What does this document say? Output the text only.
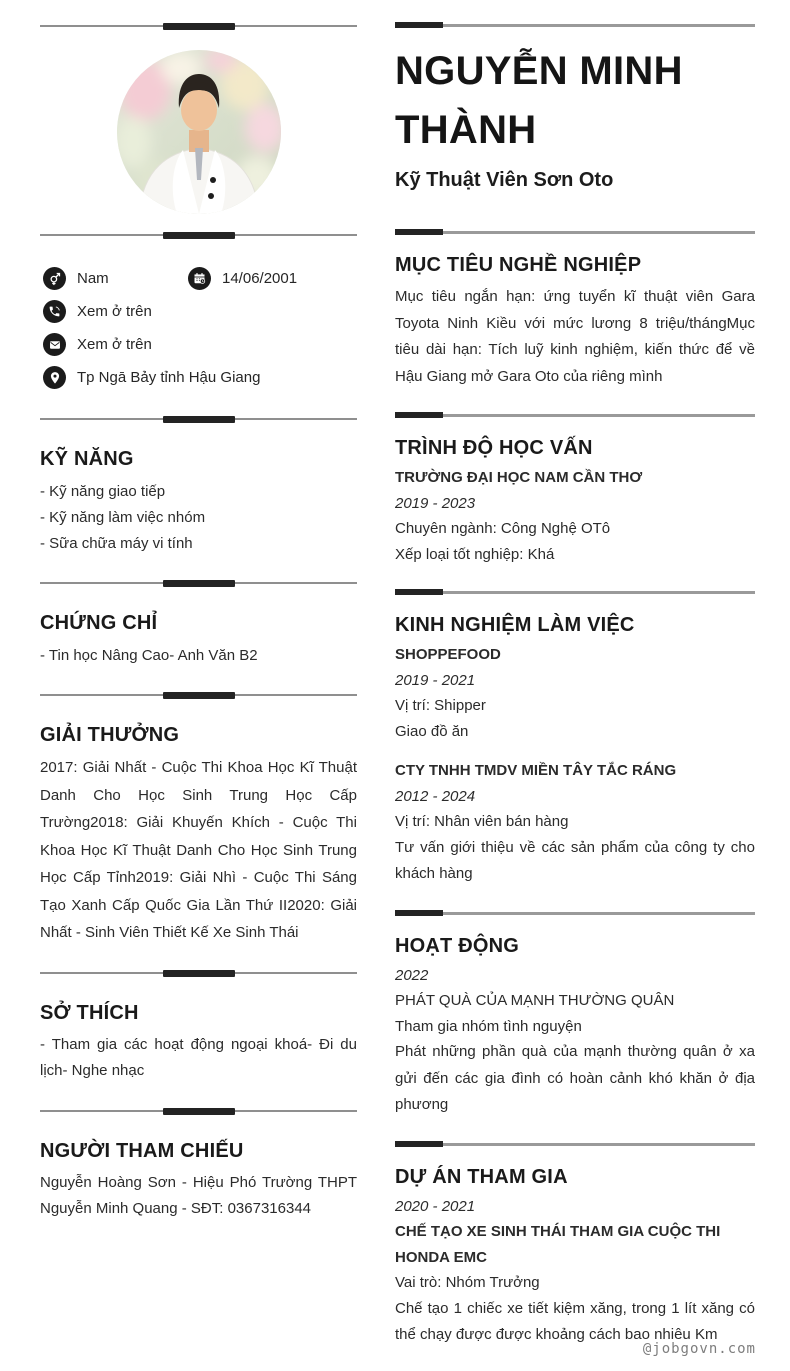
Nam	14/06/2001
Xem ở trên
Xem ở trên
Tp Ngā Bảy tỉnh Hậu Giang
KỸ NĂNG
- Kỹ năng giao tiếp
- Kỹ năng làm việc nhóm
- Sữa chữa máy vi tính
CHỨNG CHỈ
- Tin học Nâng Cao- Anh Văn B2
GIẢI THƯỞNG
2017: Giải Nhất - Cuộc Thi Khoa Học Kĩ Thuật Danh Cho Học Sinh Trung Học Cấp Trường2018: Giải Khuyến Khích - Cuộc Thi Khoa Học Kĩ Thuật Danh Cho Học Sinh Trung Học Cấp Tỉnh2019: Giải Nhì - Cuộc Thi Sáng Tạo Xanh Cấp Quốc Gia Lần Thứ II2020: Giải Nhất - Sinh Viên Thiết Kế Xe Sinh Thái
SỞ THÍCH
- Tham gia các hoạt động ngoại khoá- Đi du lịch- Nghe nhạc
NGƯỜI THAM CHIẾU
Nguyễn Hoàng Sơn - Hiệu Phó Trường THPT Nguyễn Minh Quang - SĐT: 0367316344
NGUYỄN MINH THÀNH
Kỹ Thuật Viên Sơn Oto
MỤC TIÊU NGHỀ NGHIỆP
Mục tiêu ngắn hạn: ứng tuyển kĩ thuật viên Gara Toyota Ninh Kiều với mức lương 8 triệu/thángMục tiêu dài hạn: Tích luỹ kinh nghiệm, kiến thức để về Hậu Giang mở Gara Oto của riêng mình
TRÌNH ĐỘ HỌC VẤN
TRƯỜNG ĐẠI HỌC NAM CẦN THƠ
2019 - 2023
Chuyên ngành: Công Nghệ OTô
Xếp loại tốt nghiệp: Khá
KINH NGHIỆM LÀM VIỆC
SHOPPEFOOD
2019 - 2021
Vị trí: Shipper
Giao đồ ăn
CTY TNHH TMDV MIỀN TÂY TẮC RÁNG
2012 - 2024
Vị trí: Nhân viên bán hàng
Tư vấn giới thiệu về các sản phẩm của công ty cho khách hàng
HOẠT ĐỘNG
2022
PHÁT QUÀ CỦA MẠNH THƯỜNG QUÂN
Tham gia nhóm tình nguyện
Phát những phần quà của mạnh thường quân ở xa gửi đến các gia đình có hoàn cảnh khó khăn ở địa phương
DỰ ÁN THAM GIA
2020 - 2021
CHẾ TẠO XE SINH THÁI THAM GIA CUỘC THI HONDA EMC
Vai trò: Nhóm Trưởng
Chế tạo 1 chiếc xe tiết kiệm xăng, trong 1 lít xăng có thể chạy được được khoảng cách bao nhiêu Km
@jobgovn.com
